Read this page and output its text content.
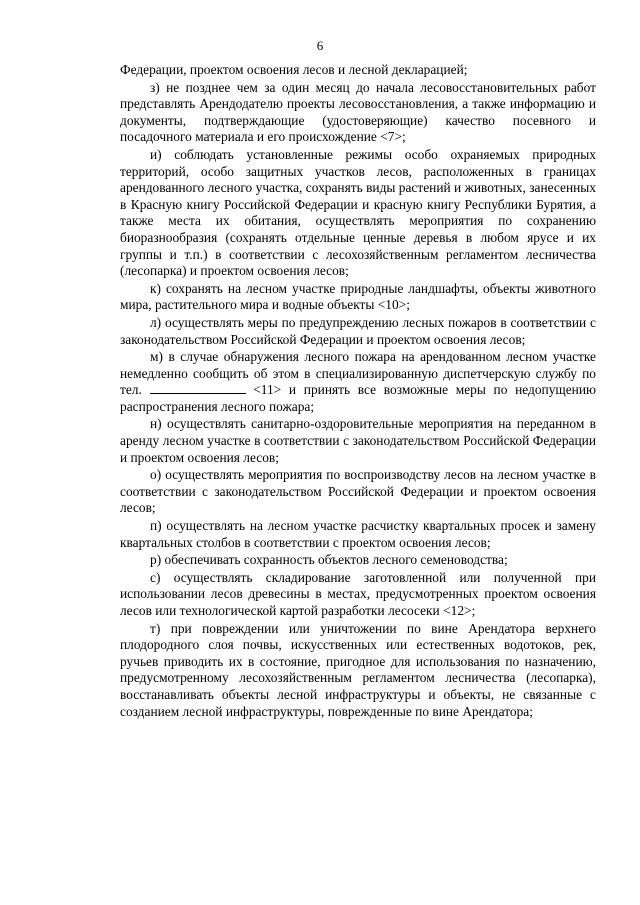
6

Федерации, проектом освоения лесов и лесной декларацией;

з) не позднее чем за один месяц до начала лесовосстановительных работ представлять Арендодателю проекты лесовосстановления, а также информацию и документы, подтверждающие (удостоверяющие) качество посевного и посадочного материала и его происхождение <7>;

и) соблюдать установленные режимы особо охраняемых природных территорий, особо защитных участков лесов, расположенных в границах арендованного лесного участка, сохранять виды растений и животных, занесенных в Красную книгу Российской Федерации и красную книгу Республики Бурятия, а также места их обитания, осуществлять мероприятия по сохранению биоразнообразия (сохранять отдельные ценные деревья в любом ярусе и их группы и т.п.) в соответствии с лесохозяйственным регламентом лесничества (лесопарка) и проектом освоения лесов;

к) сохранять на лесном участке природные ландшафты, объекты животного мира, растительного мира и водные объекты <10>;

л) осуществлять меры по предупреждению лесных пожаров в соответствии с законодательством Российской Федерации и проектом освоения лесов;

м) в случае обнаружения лесного пожара на арендованном лесном участке немедленно сообщить об этом в специализированную диспетчерскую службу по тел.	<11> и принять все возможные меры по недопущению распространения лесного пожара;

н) осуществлять санитарно-оздоровительные мероприятия на переданном в аренду лесном участке в соответствии с законодательством Российской Федерации и проектом освоения лесов;

о) осуществлять мероприятия по воспроизводству лесов на лесном участке в соответствии с законодательством Российской Федерации и проектом освоения лесов;

п) осуществлять на лесном участке расчистку квартальных просек и замену квартальных столбов в соответствии с проектом освоения лесов;

р) обеспечивать сохранность объектов лесного семеноводства;

с) осуществлять складирование заготовленной или полученной при использовании лесов древесины в местах, предусмотренных проектом освоения лесов или технологической картой разработки лесосеки <12>;

т) при повреждении или уничтожении по вине Арендатора верхнего плодородного слоя почвы, искусственных или естественных водотоков, рек, ручьев приводить их в состояние, пригодное для использования по назначению, предусмотренному лесохозяйственным регламентом лесничества (лесопарка), восстанавливать объекты лесной инфраструктуры и объекты, не связанные с созданием лесной инфраструктуры, поврежденные по вине Арендатора;
